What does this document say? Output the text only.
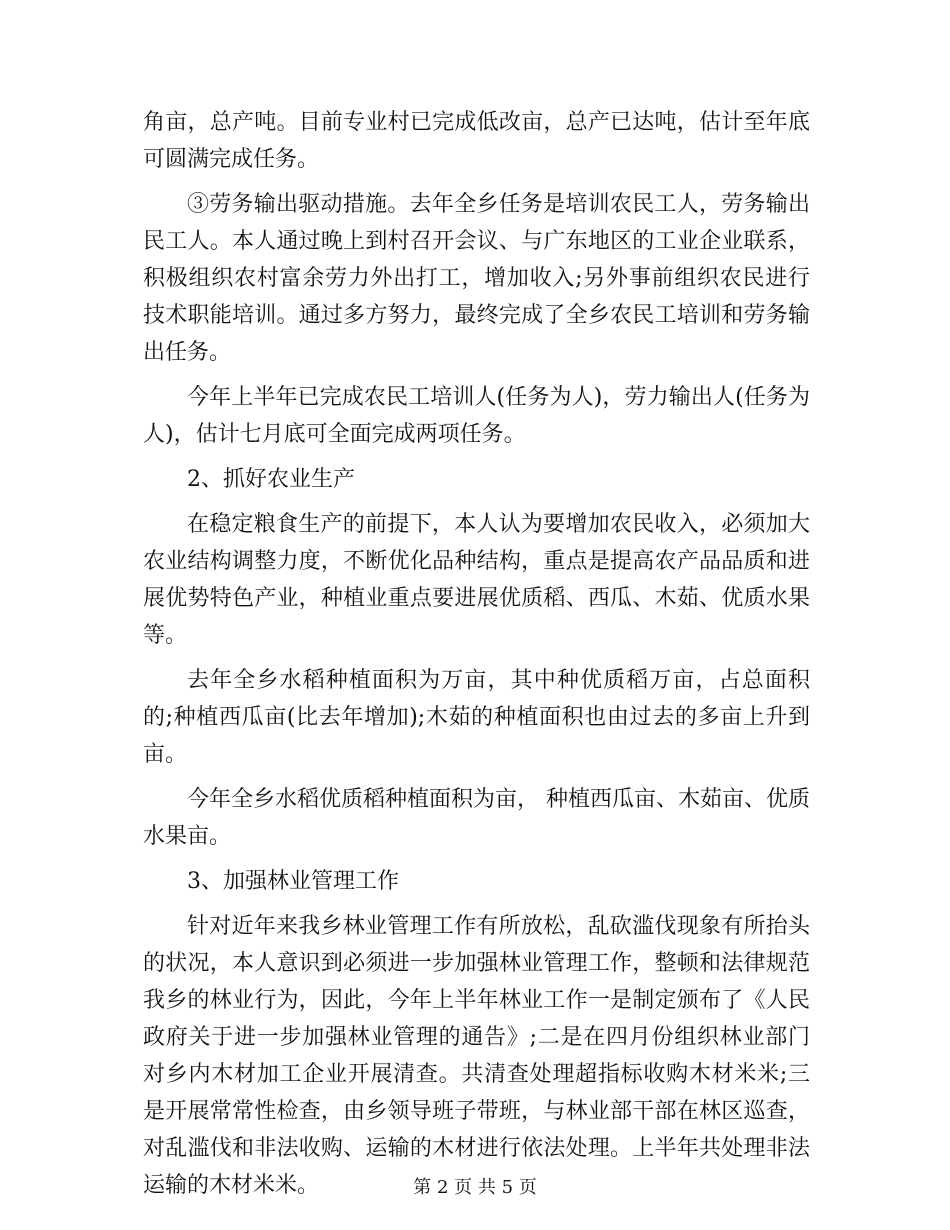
角亩，总产吨。目前专业村已完成低改亩，总产已达吨，估计至年底可圆满完成任务。

③劳务输出驱动措施。去年全乡任务是培训农民工人，劳务输出民工人。本人通过晚上到村召开会议、与广东地区的工业企业联系，积极组织农村富余劳力外出打工，增加收入;另外事前组织农民进行技术职能培训。通过多方努力，最终完成了全乡农民工培训和劳务输出任务。

今年上半年已完成农民工培训人(任务为人)，劳力输出人(任务为人)，估计七月底可全面完成两项任务。

2、抓好农业生产

在稳定粮食生产的前提下，本人认为要增加农民收入，必须加大农业结构调整力度，不断优化品种结构，重点是提高农产品品质和进展优势特色产业，种植业重点要进展优质稻、西瓜、木茹、优质水果等。

去年全乡水稻种植面积为万亩，其中种优质稻万亩，占总面积的;种植西瓜亩(比去年增加);木茹的种植面积也由过去的多亩上升到亩。

今年全乡水稻优质稻种植面积为亩， 种植西瓜亩、木茹亩、优质水果亩。

3、加强林业管理工作

针对近年来我乡林业管理工作有所放松，乱砍滥伐现象有所抬头的状况，本人意识到必须进一步加强林业管理工作，整顿和法律规范我乡的林业行为，因此，今年上半年林业工作一是制定颁布了《人民政府关于进一步加强林业管理的通告》;二是在四月份组织林业部门对乡内木材加工企业开展清查。共清查处理超指标收购木材米米;三是开展常常性检查，由乡领导班子带班，与林业部干部在林区巡查，对乱滥伐和非法收购、运输的木材进行依法处理。上半年共处理非法运输的木材米米。	第 2 页 共 5 页
